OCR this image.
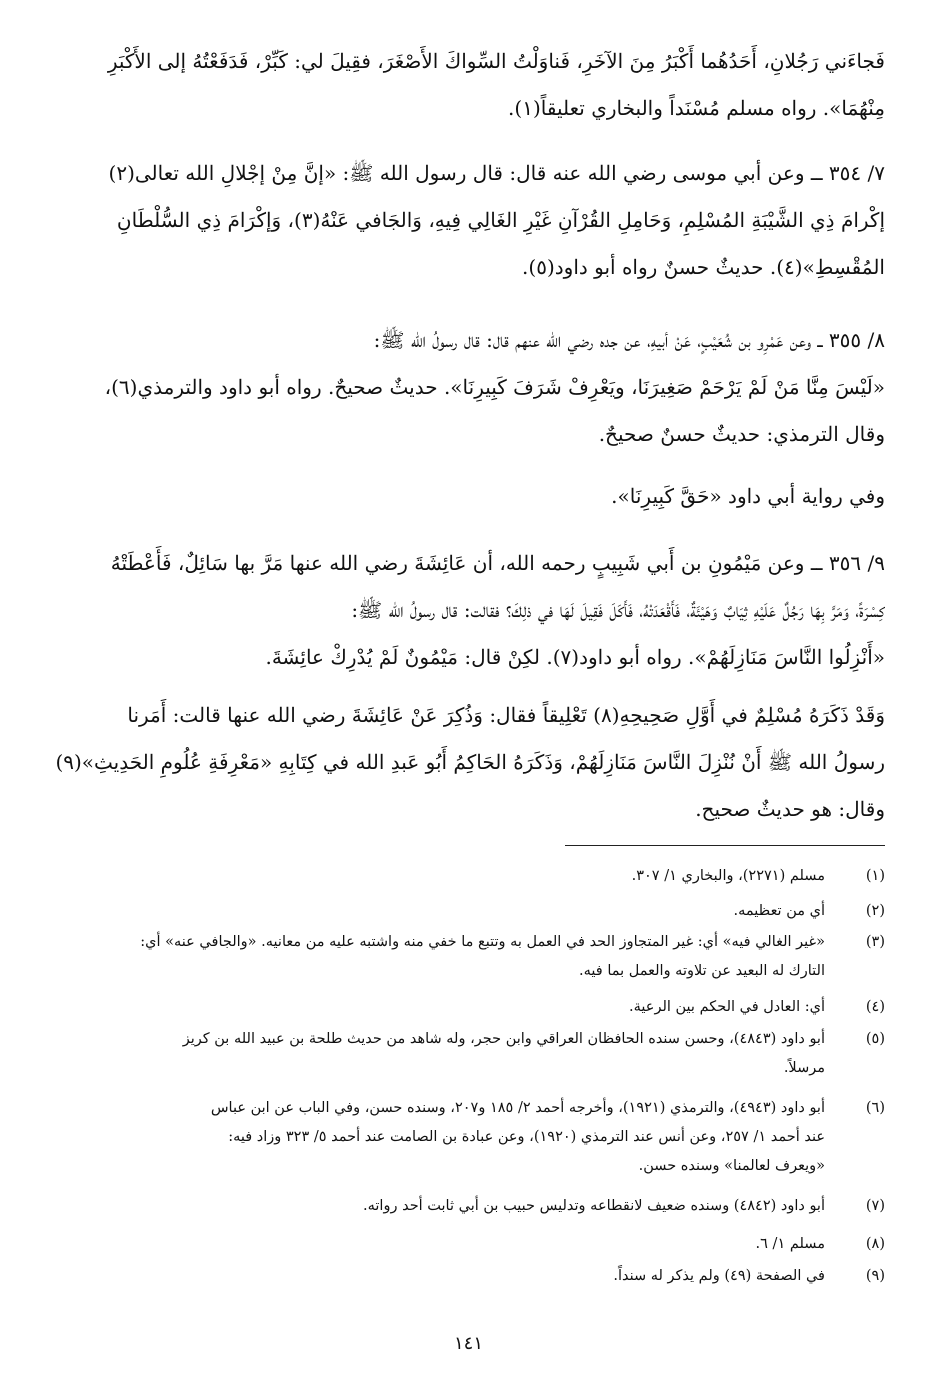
فَجاءَني رَجُلانِ، أَحَدُهُما أَكْبَرُ مِنَ الآخَرِ، فَناوَلْتُ السِّواكَ الأَصْغَرَ، فقِيلَ لي: كَبِّرْ، فَدَفَعْتُهُ إلى الأَكْبَرِ
مِنْهُمَا». رواه مسلم مُسْنَداً والبخاري تعليقاً(١).
٧/ ٣٥٤ ــ وعن أبي موسى رضي الله عنه قال: قال رسول الله ﷺ: «إنَّ مِنْ إجْلالِ الله تعالى(٢)
إكْرامَ ذِي الشَّيْبَةِ المُسْلِمِ، وَحَامِلِ القُرْآنِ غَيْرِ الغَالِي فِيهِ، وَالجَافي عَنْهُ(٣)، وَإكْرَامَ ذِي السُّلْطَانِ
المُقْسِطِ»(٤). حديثٌ حسنٌ رواه أبو داود(٥).
٨/ ٣٥٥ ــ وعن عَمْرِو بن شُعَيْبٍ، عَنْ أبيهِ، عن جده رضي الله عنهم قال: قال رسولُ الله ﷺ:
«لَيْسَ مِنَّا مَنْ لَمْ يَرْحَمْ صَغِيرَنَا، ويَعْرِفْ شَرَفَ كَبِيرِنَا». حديثٌ صحيحٌ. رواه أبو داود والترمذي(٦)،
وقال الترمذي: حديثٌ حسنٌ صحيحٌ.
وفي رواية أبي داود «حَقَّ كَبِيرِنَا».
٩/ ٣٥٦ ــ وعن مَيْمُونِ بن أَبي شَبِيبٍ رحمه الله، أن عَائِشَةَ رضي الله عنها مَرَّ بها سَائِلٌ، فَأَعْطَتْهُ
كِسْرَةً، وَمَرَّ بِهَا رَجُلٌ عَلَيْهِ ثِيَابٌ وَهَيْئَةٌ، فَأَقْعَدَتْهُ، فَأَكَلَ فَقِيلَ لَهَا في ذلِكَ؟ فقالت: قال رسولُ الله ﷺ:
«أَنْزِلُوا النَّاسَ مَنَازِلَهُمْ». رواه أبو داود(٧). لكِنْ قال: مَيْمُونٌ لَمْ يُدْرِكْ عائِشَةَ.
وَقَدْ ذَكَرَهُ مُسْلِمٌ في أَوَّلِ صَحِيحِهِ(٨) تَعْلِيقاً فقال: وَذُكِرَ عَنْ عَائِشَةَ رضي الله عنها قالت: أَمَرنا
رسولُ الله ﷺ أَنْ نُنْزِلَ النَّاسَ مَنَازِلَهُمْ، وَذَكَرَهُ الحَاكِمُ أَبُو عَبدِ الله في كِتَابِهِ «مَعْرِفَةِ عُلُومِ الحَدِيثِ»(٩)
وقال: هو حديثٌ صحيح.
(١)
مسلم (٢٢٧١)، والبخاري ١/ ٣٠٧.
(٢)
أي من تعظيمه.
(٣)
«غير الغالي فيه» أي: غير المتجاوز الحد في العمل به وتتبع ما خفي منه واشتبه عليه من معانيه. «والجافي عنه» أي:
التارك له البعيد عن تلاوته والعمل بما فيه.
(٤)
أي: العادل في الحكم بين الرعية.
(٥)
أبو داود (٤٨٤٣)، وحسن سنده الحافظان العراقي وابن حجر، وله شاهد من حديث طلحة بن عبيد الله بن كريز
مرسلاً.
(٦)
أبو داود (٤٩٤٣)، والترمذي (١٩٢١)، وأخرجه أحمد ٢/ ١٨٥ و٢٠٧، وسنده حسن، وفي الباب عن ابن عباس
عند أحمد ١/ ٢٥٧، وعن أنس عند الترمذي (١٩٢٠)، وعن عبادة بن الصامت عند أحمد ٥/ ٣٢٣ وزاد فيه:
«ويعرف لعالمنا» وسنده حسن.
(٧)
أبو داود (٤٨٤٢) وسنده ضعيف لانقطاعه وتدليس حبيب بن أبي ثابت أحد رواته.
(٨)
مسلم ١/ ٦.
(٩)
في الصفحة (٤٩) ولم يذكر له سنداً.
١٤١
